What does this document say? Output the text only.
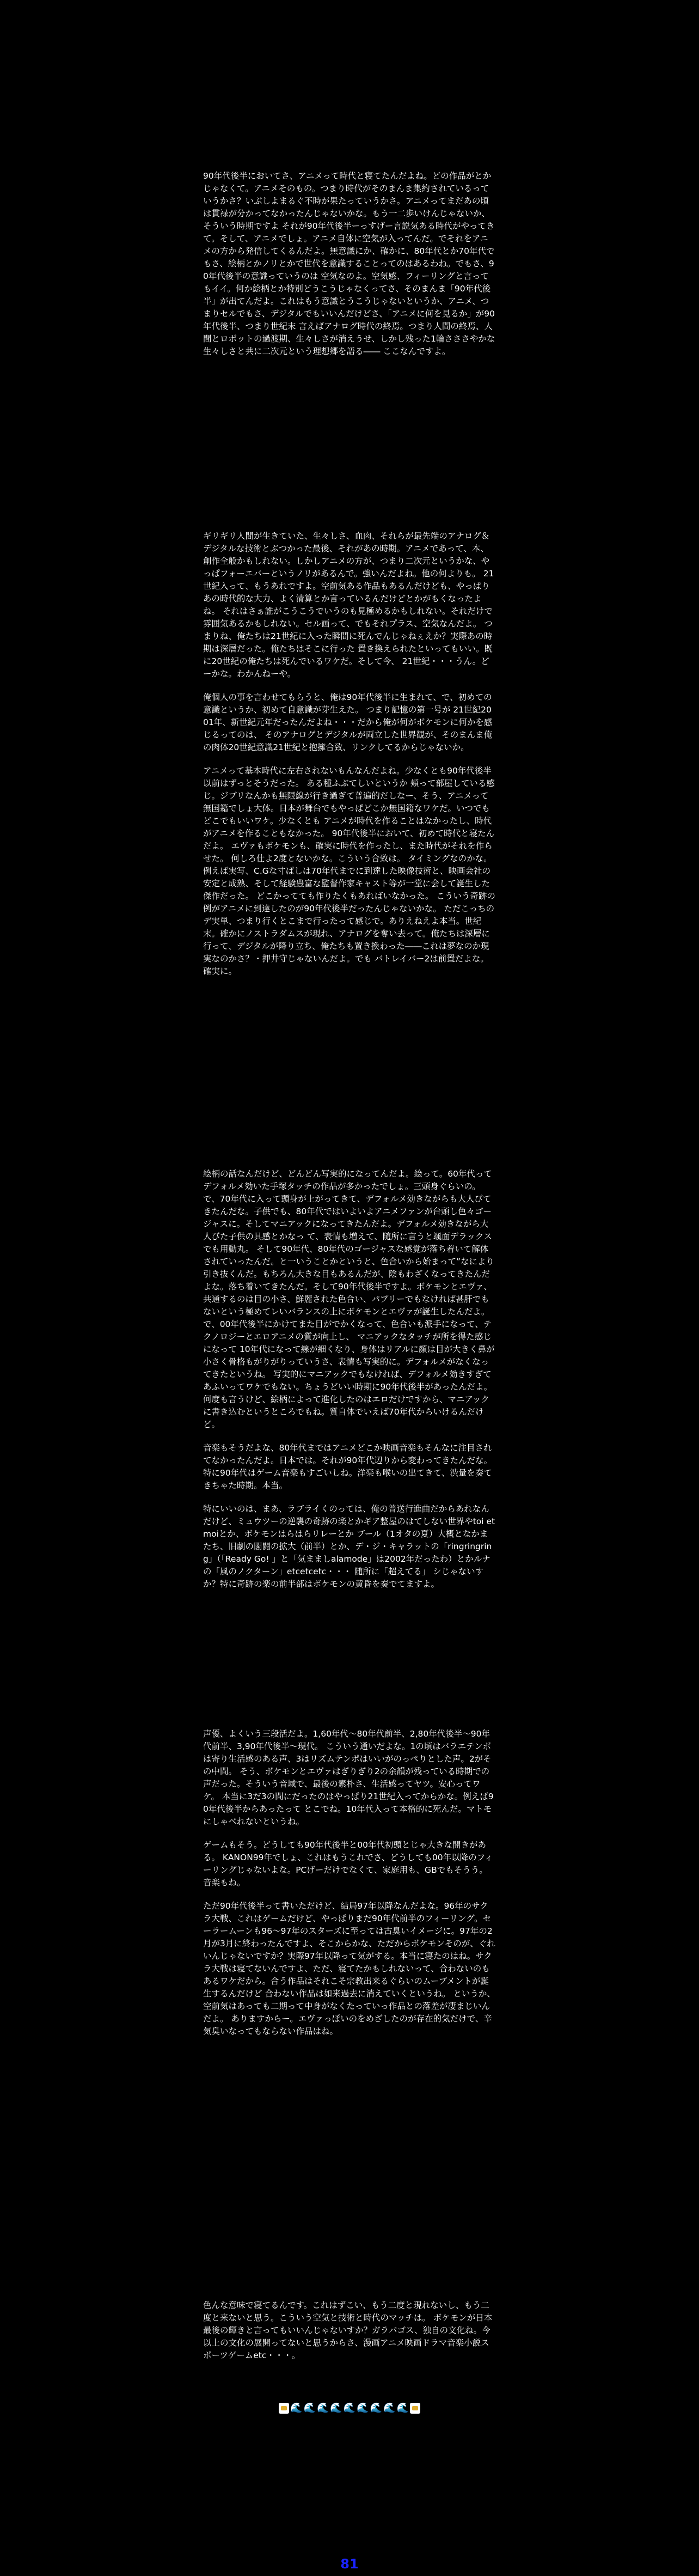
90年代後半においてさ、アニメって時代と寝てたんだよね。どの作品がとかじゃなくて。アニメそのもの。つまり時代がそのまんま集約されているっていうかさ？いぶしよまるぐ不時が果たっていうかさ。アニメってまだあの頃は貫禄が分かってなかったんじゃないかな。もう一二歩いけんじゃないか、そういう時期ですよ それが90年代後半ーっすげー言説気ある時代がやってきて。そして、アニメでしょ。アニメ自体に空気が入ってんだ。でそれをアニメの方から発信してくるんだよ。無意識にか、確かに、80年代とか70年代でもさ、絵柄とかノリとかで世代を意識することってのはあるわね。でもさ、90年代後半の意識っていうのは 空気なのよ。空気感、フィーリングと言ってもイイ。何か絵柄とか特別どうこうじゃなくってさ、そのまんま「90年代後半」が出てんだよ。これはもう意識とうこうじゃないというか、アニメ、つまりセルでもさ、デジタルでもいいんだけどさ、「アニメに何を見るか」が90年代後半、つまり世紀末 言えばアナログ時代の終焉。つまり人間の終焉、人間とロボットの過渡期、生々しさが消えうせ、しかし残った1輪さささやかな生々しさと共に二次元という理想郷を語る―― ここなんですよ。

ギリギリ人間が生きていた、生々しさ、血肉、それらが最先端のアナログ＆デジタルな技術とぶつかった最後、それがあの時期。アニメであって、本、創作全般かもしれない。しかしアニメの方が、つまり二次元というかな、やっぱフォーエバーというノリがあるんで。強いんだよね。他の何よりも。 21世紀入って、もうあれですよ。空前気ある作品もあるんだけども、やっぱりあの時代的な大力、よく清算とか言っているんだけどとかがもくなったよね。 それはさぁ誰がこうこうでいうのも見極めるかもしれない。それだけで雰囲気あるかもしれない。セル画って、でもそれプラス、空気なんだよ。 つまりね、俺たちは21世紀に入った瞬間に死んでんじゃねぇえか？実際あの時期は深層だった。俺たちはそこに行った 置き換えられたといってもいい。既に20世紀の俺たちは死んでいるワケだ。そして今、 21世紀・・・うん。どーかな。わかんねーや。

俺個人の事を言わせてもらうと、俺は90年代後半に生まれて、で、初めての意識というか、初めて自意識が芽生えた。 つまり記憶の第一号が 21世紀2001年、新世紀元年だったんだよね・・・だから俺が何がボケモンに何かを感じるってのは、 そのアナログとデジタルが両立した世界観が、そのまんま俺の肉体20世紀意識21世紀と抱擁合致、リンクしてるからじゃないか。

アニメって基本時代に左右されないもんなんだよね。少なくとも90年代後半以前はずっとそうだった。 ある種ふぶてしいというか 頬って部屋している感じ。ジブリなんかも無限線が行き過ぎて普遍的だしなー、そう、アニメって無国籍でしょ大体。日本が舞台でもやっぱどこか無国籍なワケだ。いつでもどこでもいいワケ。少なくとも アニメが時代を作ることはなかったし、時代がアニメを作ることもなかった。 90年代後半において、初めて時代と寝たんだよ。 エヴァもボケモンも、確実に時代を作ったし、また時代がそれを作らせた。 何しろ仕よ2度とないかな。こういう合致は。 タイミングなのかな。 例えば実写、C.Gな寸ぱしは70年代までに到達した映像技術と、映画会社の安定と成熟、そして経験豊富な監督作家キャスト等が一堂に会して誕生した傑作だった。 どこかってても作りたくもあればいなかった。 こういう奇跡の例がアニメに到達したのが90年代後半だったんじゃないかな。 ただこっちの デ実単、つまり行くとこまで行ったって感じで。ありえねえよ本当。世紀末。確かにノストラダムスが現れ、アナログを奪い去って。俺たちは深層に行って、デジタルが降り立ち、俺たちも置き換わった――これは夢なのか現実なのかさ？・押井守じゃないんだよ。でも バトレイバー2は前置だよな。確実に。

絵柄の話なんだけど、どんどん写実的になってんだよ。絵って。60年代ってデフォルメ効いた手塚タッチの作品が多かったでしょ。三頭身ぐらいの。で、70年代に入って頭身が上がってきて、デフォルメ効きながらも大人びてきたんだな。子供でも、80年代ではいよいよアニメファンが台頭し色々ゴージャスに。そしてマニアックになってきたんだよ。デフォルメ効きながら大人びた子供の具感とかなっ て、表情も増えて、随所に言うと颯面デラックスでも用動丸。 そして90年代、80年代のゴージャスな感覚が落ち着いて解体されていったんだ。と一いうことかというと、色合いから始まって”なにより引き抜くんだ。もちろん大きな目もあるんだが、陰もわざくなってきたんだよな。落ち着いてきたんだ。そして90年代後半ですよ。ボケモンとエヴァ、共通するのは目の小さ、鮮麗された色合い、パプリーでもなければ甚肝でもないという極めてレいバランスの上にボケモンとエヴァが誕生したんだよ。 で、00年代後半にかけてまた目がでかくなって、色合いも派手になって、テクノロジーとエロアニメの質が向上し、 マニアックなタッチが所を得た感じになって 10年代になって線が細くなり、身体はリアルに顔は目が大きく鼻が小さく骨格もがりがりっていうさ、表情も写実的に。デフォルメがなくなってきたというね。 写実的にマニアックでもなければ、デフォルメ効きすぎてあふいってワケでもない。ちょうどいい時期に90年代後半があったんだよ。何度も言うけど、絵柄によって進化したのはエロだけですから、マニアックに書き込むというところでもね。質自体でいえば70年代からいけるんだけど。

音楽もそうだよな、80年代まではアニメどこか映画音楽もそんなに注目されてなかったんだよ。日本では。それが90年代辺りから変わってきたんだな。特に90年代はゲーム音楽もすごいしね。洋楽も喉いの出てきて、渋量を奏てきちゃた時期。本当。

特にいいのは、まあ、ラブライくのっては、俺の普送行進曲だからあれなんだけど、ミュウツーの逆襲の奇跡の楽とかギア整屋のはてしない世界やtoi et moiとか、ボケモンはらはらリレーとか ブール（1オタの夏）大概となかまたち、旧劇の閣闘の拡大（前半）とか、デ・ジ・キャラットの「ringringring」（「Ready Go! 」と「気まましalamode」は2002年だったわ）とかルナの「風のノクターン」etcetcetc・・・ 随所に「超えてる」 シじゃないすか？特に奇跡の楽の前半部はボケモンの黄昏を奏でてますよ。

声優、よくいう三段活だよ。1,60年代〜80年代前半、2,80年代後半〜90年代前半、3,90年代後半〜現代。 こういう通いだよな。1の頃はバラエテンボは寄り生活感のある声、3はリズムテンポはいいがのっぺりとした声。2がその中間。 そう、ボケモンとエヴァはぎりぎり2の余韻が残っている時期での声だった。そういう音域で、最後の素朴さ、生活感ってヤツ。安心ってワケ。 本当に3だ3の間にだったのはやっぱり21世紀入ってからかな。例えば90年代後半からあったって とこでね。10年代入って本格的に死んだ。マトモにしゃべれないというね。

ゲームもそう。どうしても90年代後半と00年代初頭とじゃ大きな開きがある。 KANON99年でしょ、これはもうこれでさ、どうしても00年以降のフィーリングじゃないよな。PCげーだけでなくて、家庭用も、GBでもそうう。音楽もね。

ただ90年代後半って書いただけど、結局97年以降なんだよな。96年のサクラ大戦、これはゲームだけど、やっぱりまだ90年代前半のフィーリング。セーラームーンも96〜97年のスターズに至っては古臭いイメージに。97年の2月が3月に終わったんですよ、そこからかな、ただからボケモンそのが、ぐれいんじゃないですか？実際97年以降って気がする。本当に寝たのはね。サクラ大戦は寝てないんですよ、ただ、寝てたかもしれないって、合わないのもあるワケだから。合う作品はそれこそ宗教出来るぐらいのムーブメントが誕生するんだけど 合わない作品は如来過去に消えていくというね。 というか、空前気はあっても二期って中身がなくたっていっ作品との落差が凄まじいんだよ。 ありますからー。エヴァっぽいのをめざしたのが存在的気だけで、辛気臭いなってもならない作品はね。

色んな意味で寝てるんです。これはずこい、もう二度と現れないし、もう二度と来ないと思う。こういう空気と技術と時代のマッチは。 ボケモンが日本最後の輝きと言ってもいいんじゃないすか？ガラパゴス、独自の文化ね。今以上の文化の展開ってないと思うからさ、漫画アニメ映画ドラマ音楽小説スポーツゲームetc・・・。

🌊 🌊 🌊 🌊 🌊 🌊 🌊 🌊 🌊
81
